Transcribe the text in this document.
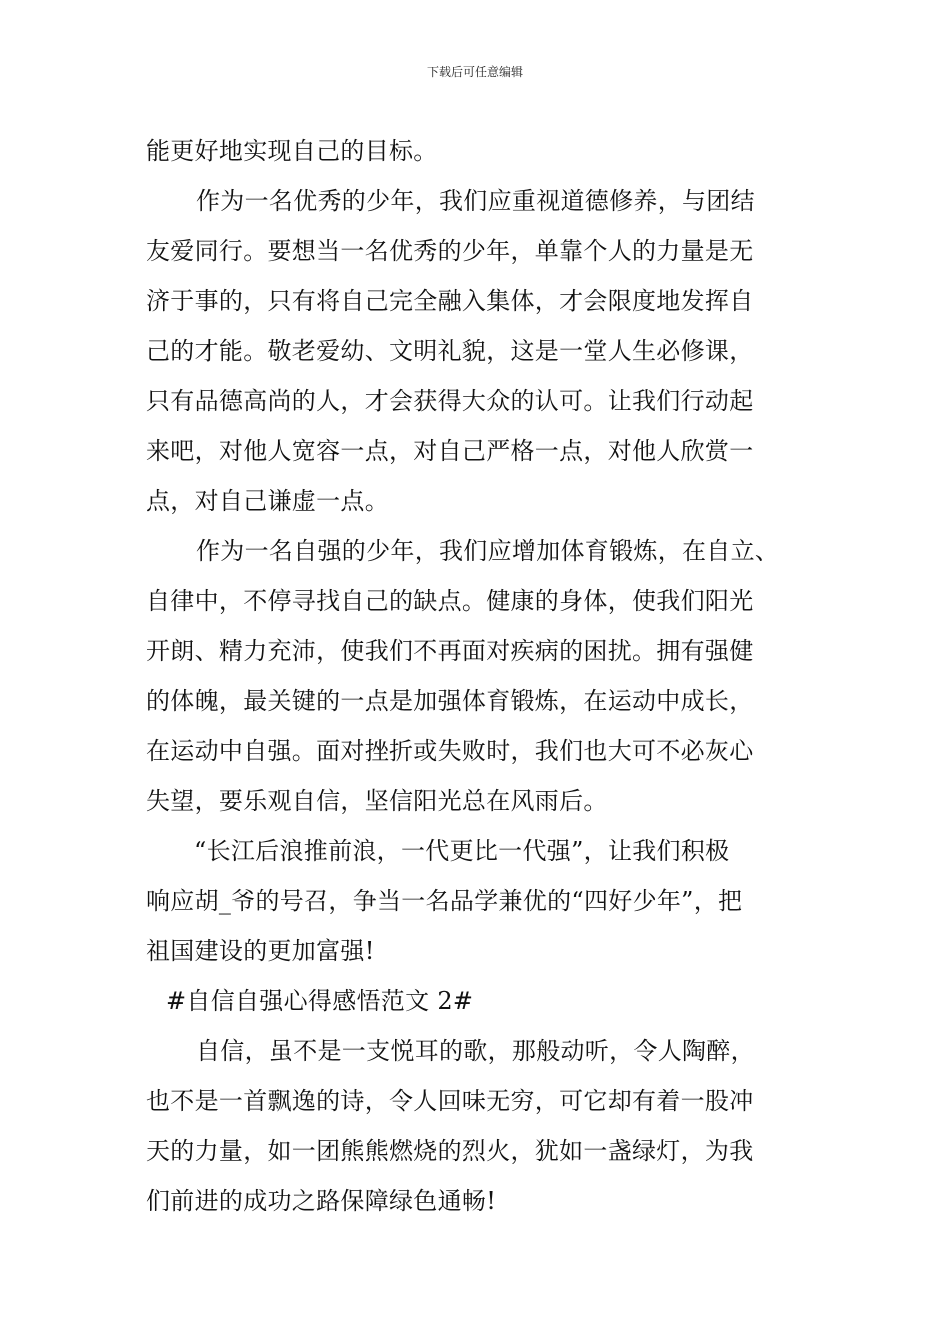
下载后可任意编辑
能更好地实现自己的目标。
作为一名优秀的少年，我们应重视道德修养，与团结
友爱同行。要想当一名优秀的少年，单靠个人的力量是无
济于事的，只有将自己完全融入集体，才会限度地发挥自
己的才能。敬老爱幼、文明礼貌，这是一堂人生必修课，
只有品德高尚的人，才会获得大众的认可。让我们行动起
来吧，对他人宽容一点，对自己严格一点，对他人欣赏一
点，对自己谦虚一点。
作为一名自强的少年，我们应增加体育锻炼，在自立、
自律中，不停寻找自己的缺点。健康的身体，使我们阳光
开朗、精力充沛，使我们不再面对疾病的困扰。拥有强健
的体魄，最关键的一点是加强体育锻炼，在运动中成长，
在运动中自强。面对挫折或失败时，我们也大可不必灰心
失望，要乐观自信，坚信阳光总在风雨后。
“长江后浪推前浪，一代更比一代强”，让我们积极
响应胡_爷的号召，争当一名品学兼优的“四好少年”，把
祖国建设的更加富强!
#自信自强心得感悟范文 2#
自信，虽不是一支悦耳的歌，那般动听，令人陶醉，
也不是一首飘逸的诗，令人回味无穷，可它却有着一股冲
天的力量，如一团熊熊燃烧的烈火，犹如一盏绿灯，为我
们前进的成功之路保障绿色通畅!
